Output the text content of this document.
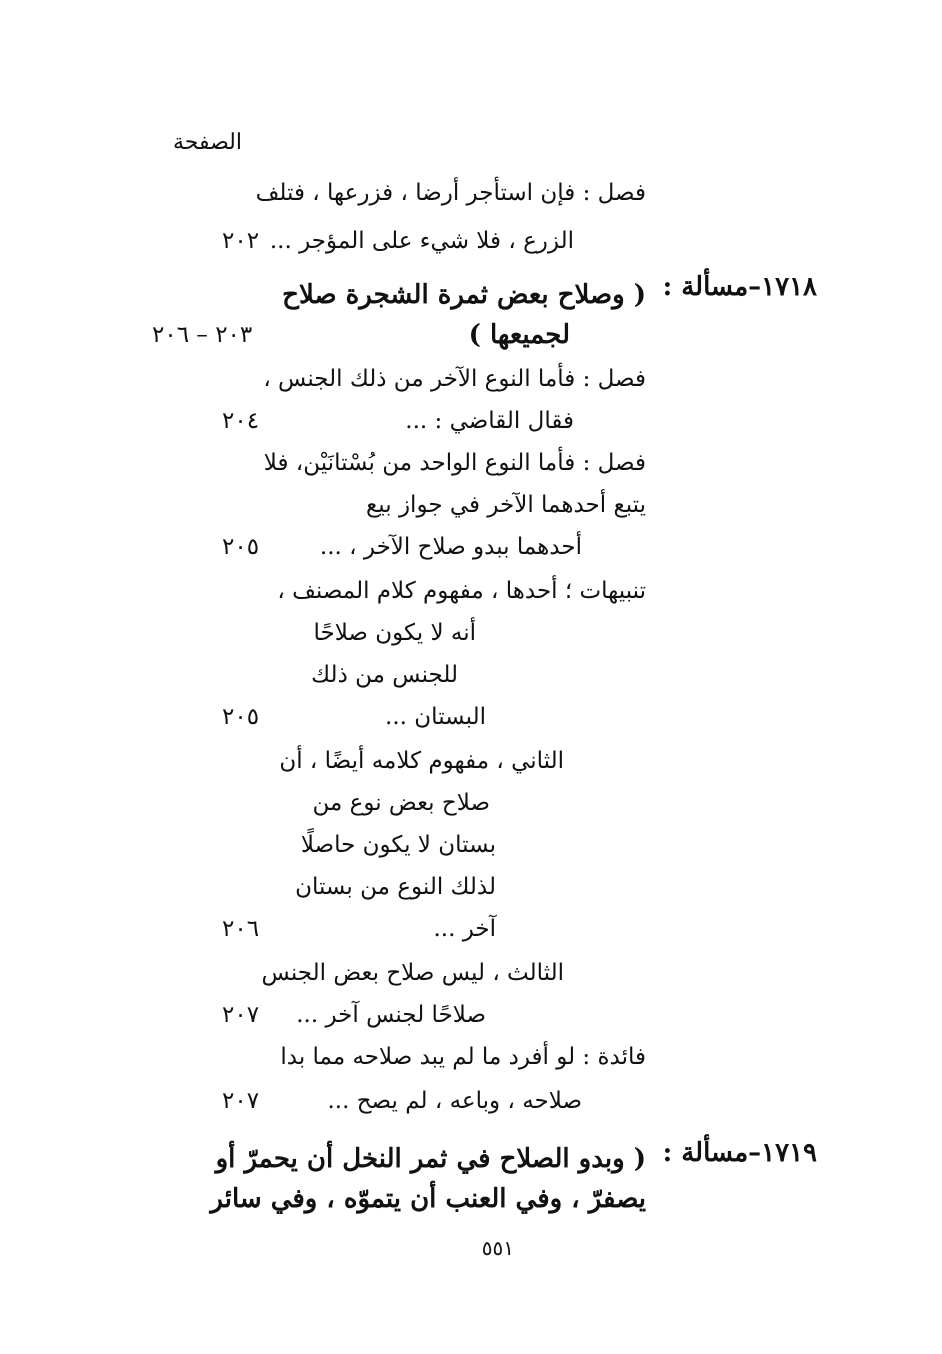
الصفحة
فصل : فإن استأجر أرضا ، فزرعها ، فتلف
الزرع ، فلا شيء على المؤجر ...
٢٠٢
١٧١٨–مسألة :
( وصلاح بعض ثمرة الشجرة صلاح
لجميعها )
٢٠٣ – ٢٠٦
فصل : فأما النوع الآخر من ذلك الجنس ،
فقال القاضي : ...
٢٠٤
فصل : فأما النوع الواحد من بُسْتانَيْن، فلا
يتبع أحدهما الآخر في جواز بيع
أحدهما ببدو صلاح الآخر ، ...
٢٠٥
تنبيهات ؛ أحدها ، مفهوم كلام المصنف ،
أنه لا يكون صلاحًا
للجنس من ذلك
البستان ...
٢٠٥
الثاني ، مفهوم كلامه أيضًا ، أن
صلاح بعض نوع من
بستان لا يكون حاصلًا
لذلك النوع من بستان
آخر ...
٢٠٦
الثالث ، ليس صلاح بعض الجنس
صلاحًا لجنس آخر ...
٢٠٧
فائدة : لو أفرد ما لم يبد صلاحه مما بدا
صلاحه ، وباعه ، لم يصح ...
٢٠٧
١٧١٩–مسألة :
( وبدو الصلاح في ثمر النخل أن يحمرّ أو
يصفرّ ، وفي العنب أن يتموّه ، وفي سائر
٥٥١
